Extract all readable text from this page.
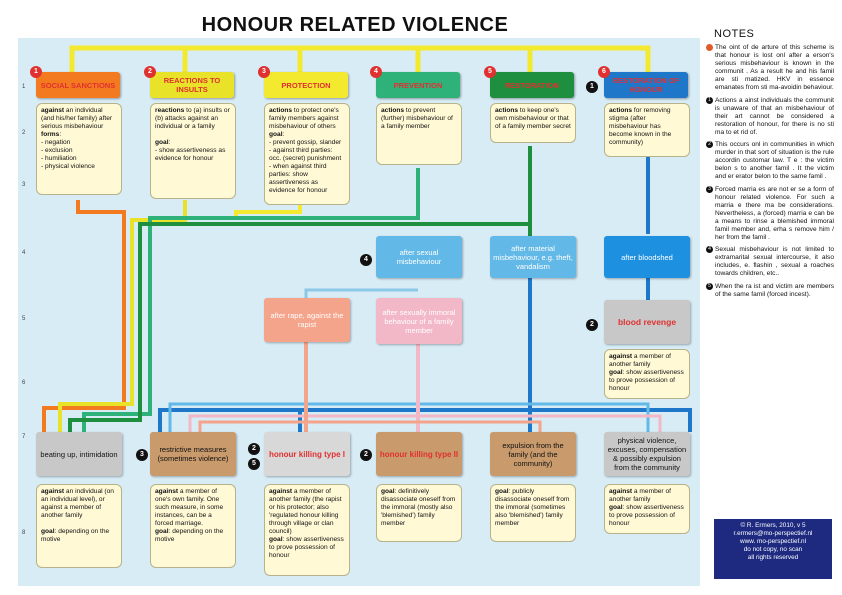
HONOUR RELATED VIOLENCE
1
2
3
4
5
6
7
8
SOCIAL SANCTIONS	REACTIONS TO INSULTS	PROTECTION	PREVENTION	RESTORATION	RESTORATION OF HONOUR
1	2	3	4	5	6
against an individual (and his/her family) after serious misbehaviour
forms:
- negation
- exclusion
- humiliation
- physical violence
reactions to (a) insults or (b) attacks against an individual or a family

goal:
- show assertiveness as evidence for honour
actions to protect one's family members against misbehaviour of others
goal:
- prevent gossip, slander
- against third parties: occ. (secret) punishment
- when against third parties: show assertiveness as evidence for honour
actions to prevent (further) misbehaviour of a family member
actions to keep one's own misbehaviour or that of a family member secret
actions for removing stigma (after misbehaviour has become known in the community)
1
4
2
3
2
5
2
after sexual misbehaviour
after material misbehaviour, e.g. theft, vandalism
after bloodshed
after rape, against the rapist
after sexually immoral behaviour of a family member
blood revenge
against a member of another family
goal: show assertiveness to prove possession of honour
beating up, intimidation	restrictive measures (sometimes violence)	honour killing type I	honour killing type II
expulsion from the family (and the community)
physical violence, excuses, compensation & possibly expulsion from the community
against an individual (on an individual level), or against a member of another family

goal: depending on the motive
against a member of one's own family. One such measure, in some instances, can be a forced marriage.
goal: depending on the motive
against a member of another family (the rapist or his protector; also 'regulated honour killing through village or clan council)
goal: show assertiveness to prove possession of honour
goal: definitively disassociate oneself from the immoral (mostly also 'blemished') family member
goal: publicly disassociate oneself from the immoral (sometimes also 'blemished') family member
against a member of another family
goal: show assertiveness to prove possession of honour
NOTES
The oint of de arture of this scheme is that honour is lost onl after a erson's serious misbehaviour is known in the communit . As a result he and his famil are sti matized. HKV in essence emanates from sti ma-avoidin behaviour.
1 Actions a ainst individuals the communit is unaware of that an misbehaviour of their art cannot be considered a restoration of honour, for there is no sti ma to et rid of.
2 This occurs onl in communities in which murder in that sort of situation is the rule accordin customar law. T e : the victim belon s to another famil . It the victim and er erator belon to the same famil .
3 Forced marria es are not er se a form of honour related violence. For such a marria e there ma be considerations. Nevertheless, a (forced) marria e can be a means to rinse a blemished immoral famil member and, erha s remove him / her from the famil .
4 Sexual misbehaviour is not limited to extramarital sexual intercourse, it also includes, e. flashin , sexual a roaches towards children, etc..
5 When the ra ist and victim are members of the same famil (forced incest).
© R. Ermers, 2010, v 5
r.ermers@mo-perspectief.nl
www. mo-perspectief.nl
do not copy, no scan
all rights reserved
